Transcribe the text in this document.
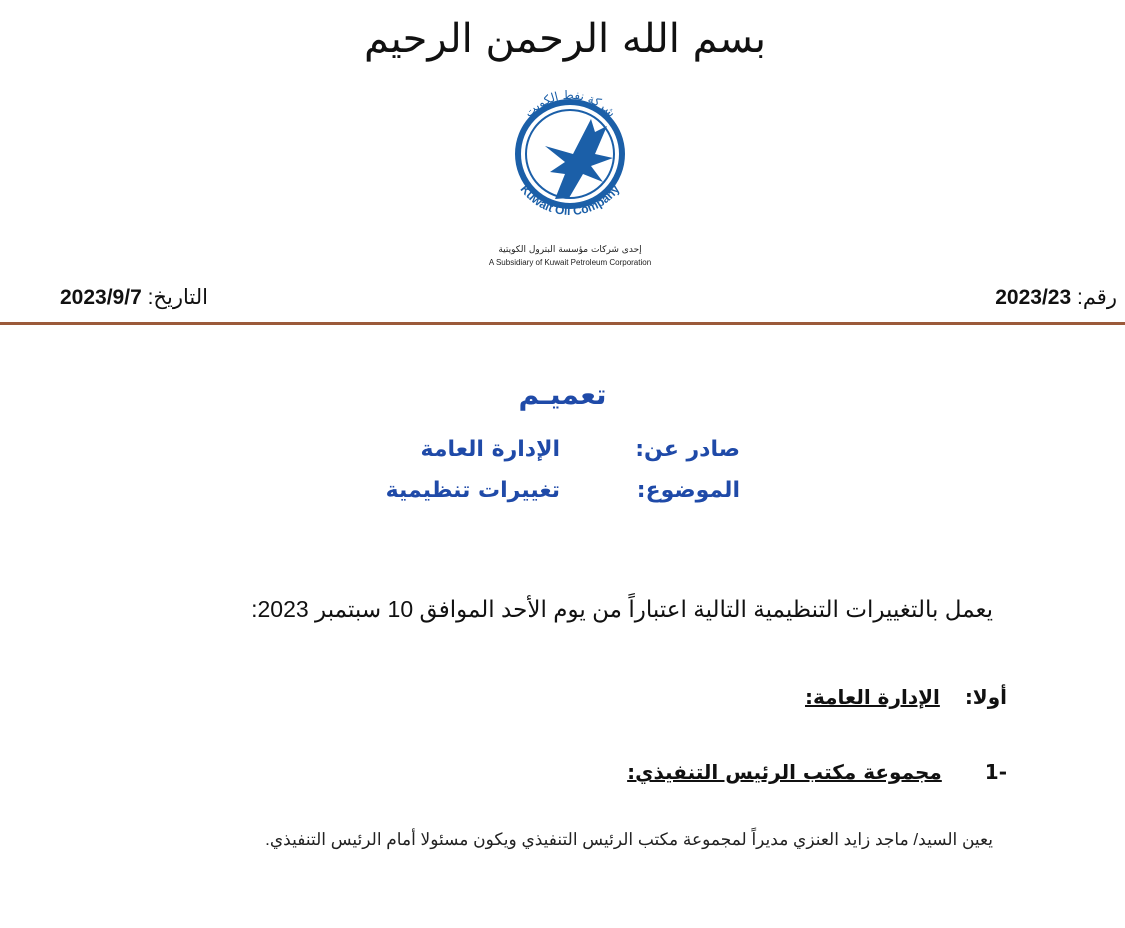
بسم الله الرحمن الرحيم
شركة نفط الكويت
Kuwait Oil Company
إحدى شركات مؤسسة البترول الكويتية
A Subsidiary of Kuwait Petroleum Corporation
رقم: 2023/23
التاريخ: 2023/9/7
تعميـم
صادر عن:
الإدارة العامة
الموضوع:
تغييرات تنظيمية
يعمل بالتغييرات التنظيمية التالية اعتباراً من يوم الأحد الموافق 10 سبتمبر 2023:
أولا: الإدارة العامة:
-1 مجموعة مكتب الرئيس التنفيذي:
يعين السيد/ ماجد زايد العنزي مديراً لمجموعة مكتب الرئيس التنفيذي ويكون مسئولا أمام الرئيس التنفيذي.
